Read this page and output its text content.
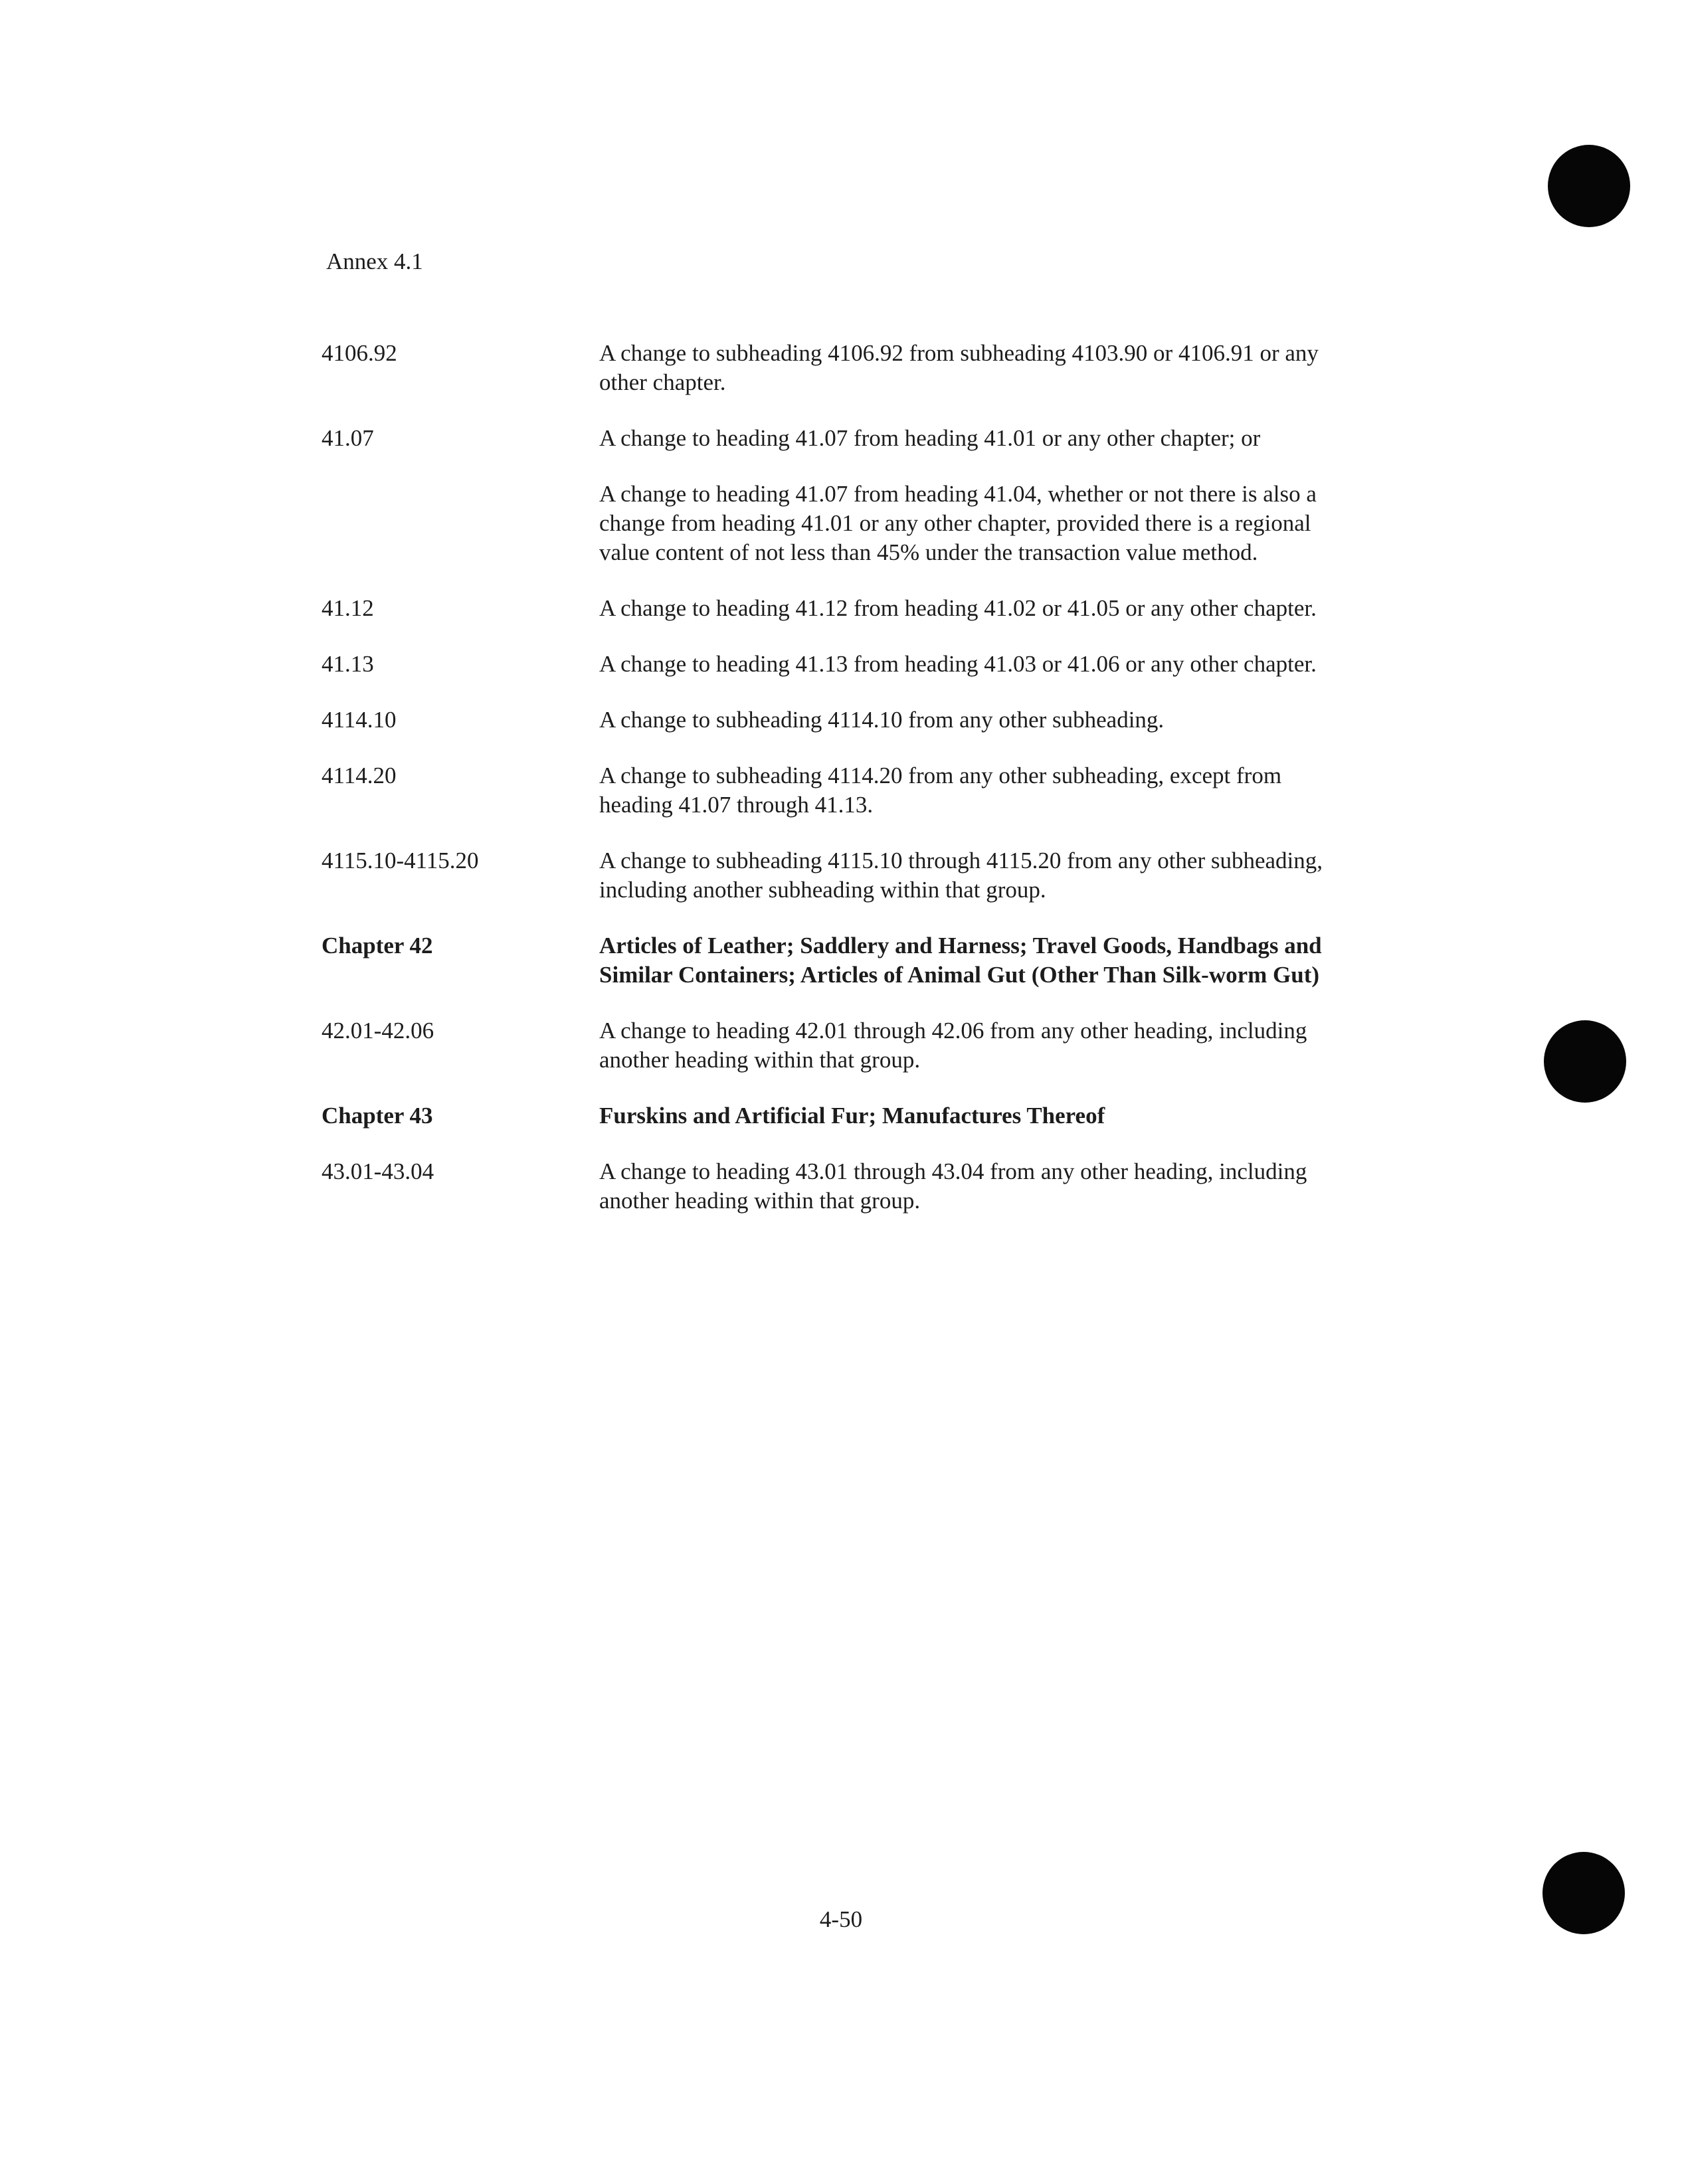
Annex 4.1
4106.92	A change to subheading 4106.92 from subheading 4103.90 or 4106.91 or any other chapter.

41.07	A change to heading 41.07 from heading 41.01 or any other chapter; or

A change to heading 41.07 from heading 41.04, whether or not there is also a change from heading 41.01 or any other chapter, provided there is a regional value content of not less than 45% under the transaction value method.

41.12	A change to heading 41.12 from heading 41.02 or 41.05 or any other chapter.

41.13	A change to heading 41.13 from heading 41.03 or 41.06 or any other chapter.

4114.10	A change to subheading 4114.10 from any other subheading.

4114.20	A change to subheading 4114.20 from any other subheading, except from heading 41.07 through 41.13.

4115.10-4115.20	A change to subheading 4115.10 through 4115.20 from any other subheading, including another subheading within that group.

Chapter 42	Articles of Leather; Saddlery and Harness; Travel Goods, Handbags and Similar Containers; Articles of Animal Gut (Other Than Silk-worm Gut)

42.01-42.06	A change to heading 42.01 through 42.06 from any other heading, including another heading within that group.

Chapter 43	Furskins and Artificial Fur; Manufactures Thereof

43.01-43.04	A change to heading 43.01 through 43.04 from any other heading, including another heading within that group.

4-50
